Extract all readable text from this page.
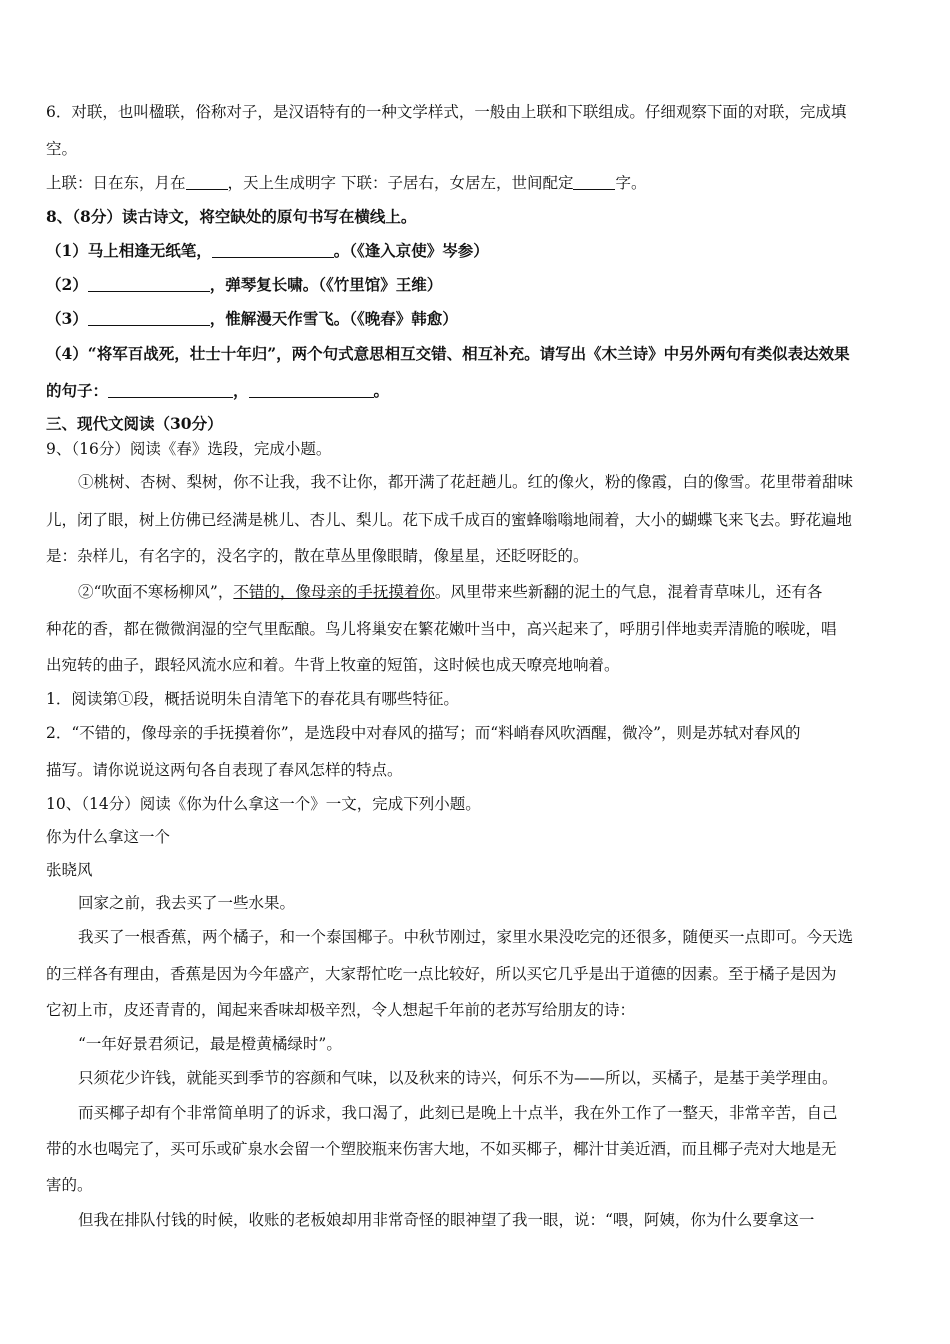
6．对联，也叫楹联，俗称对子，是汉语特有的一种文学样式，一般由上联和下联组成。仔细观察下面的对联，完成填
空。
上联：日在东，月在	，天上生成明字 下联：子居右，女居左，世间配定	字。
8、（8分）读古诗文，将空缺处的原句书写在横线上。
（1）马上相逢无纸笔，	。（《逢入京使》岑参）
（2）	，弹琴复长啸。（《竹里馆》王维）
（3）	，惟解漫天作雪飞。（《晚春》韩愈）
（4）“将军百战死，壮士十年归”，两个句式意思相互交错、相互补充。请写出《木兰诗》中另外两句有类似表达效果
的句子：	，	。
三、现代文阅读（30分）
9、（16分）阅读《春》选段，完成小题。
①桃树、杏树、梨树，你不让我，我不让你，都开满了花赶趟儿。红的像火，粉的像霞，白的像雪。花里带着甜味
儿，闭了眼，树上仿佛已经满是桃儿、杏儿、梨儿。花下成千成百的蜜蜂嗡嗡地闹着，大小的蝴蝶飞来飞去。野花遍地
是：杂样儿，有名字的，没名字的，散在草丛里像眼睛，像星星，还眨呀眨的。
②“吹面不寒杨柳风”，不错的，像母亲的手抚摸着你。风里带来些新翻的泥土的气息，混着青草味儿，还有各
种花的香，都在微微润湿的空气里酝酿。鸟儿将巢安在繁花嫩叶当中，高兴起来了，呼朋引伴地卖弄清脆的喉咙，唱
出宛转的曲子，跟轻风流水应和着。牛背上牧童的短笛，这时候也成天嘹亮地响着。
1．阅读第①段，概括说明朱自清笔下的春花具有哪些特征。
2．“不错的，像母亲的手抚摸着你”，是选段中对春风的描写；而“料峭春风吹酒醒，微冷”，则是苏轼对春风的
描写。请你说说这两句各自表现了春风怎样的特点。
10、（14分）阅读《你为什么拿这一个》一文，完成下列小题。
你为什么拿这一个
张晓风
回家之前，我去买了一些水果。
我买了一根香蕉，两个橘子，和一个泰国椰子。中秋节刚过，家里水果没吃完的还很多，随便买一点即可。今天选
的三样各有理由，香蕉是因为今年盛产，大家帮忙吃一点比较好，所以买它几乎是出于道德的因素。至于橘子是因为
它初上市，皮还青青的，闻起来香味却极辛烈，令人想起千年前的老苏写给朋友的诗：
“一年好景君须记，最是橙黄橘绿时”。
只须花少许钱，就能买到季节的容颜和气味，以及秋来的诗兴，何乐不为——所以，买橘子，是基于美学理由。
而买椰子却有个非常简单明了的诉求，我口渴了，此刻已是晚上十点半，我在外工作了一整天，非常辛苦，自己
带的水也喝完了，买可乐或矿泉水会留一个塑胶瓶来伤害大地，不如买椰子，椰汁甘美近酒，而且椰子壳对大地是无
害的。
但我在排队付钱的时候，收账的老板娘却用非常奇怪的眼神望了我一眼，说：“喂，阿姨，你为什么要拿这一
